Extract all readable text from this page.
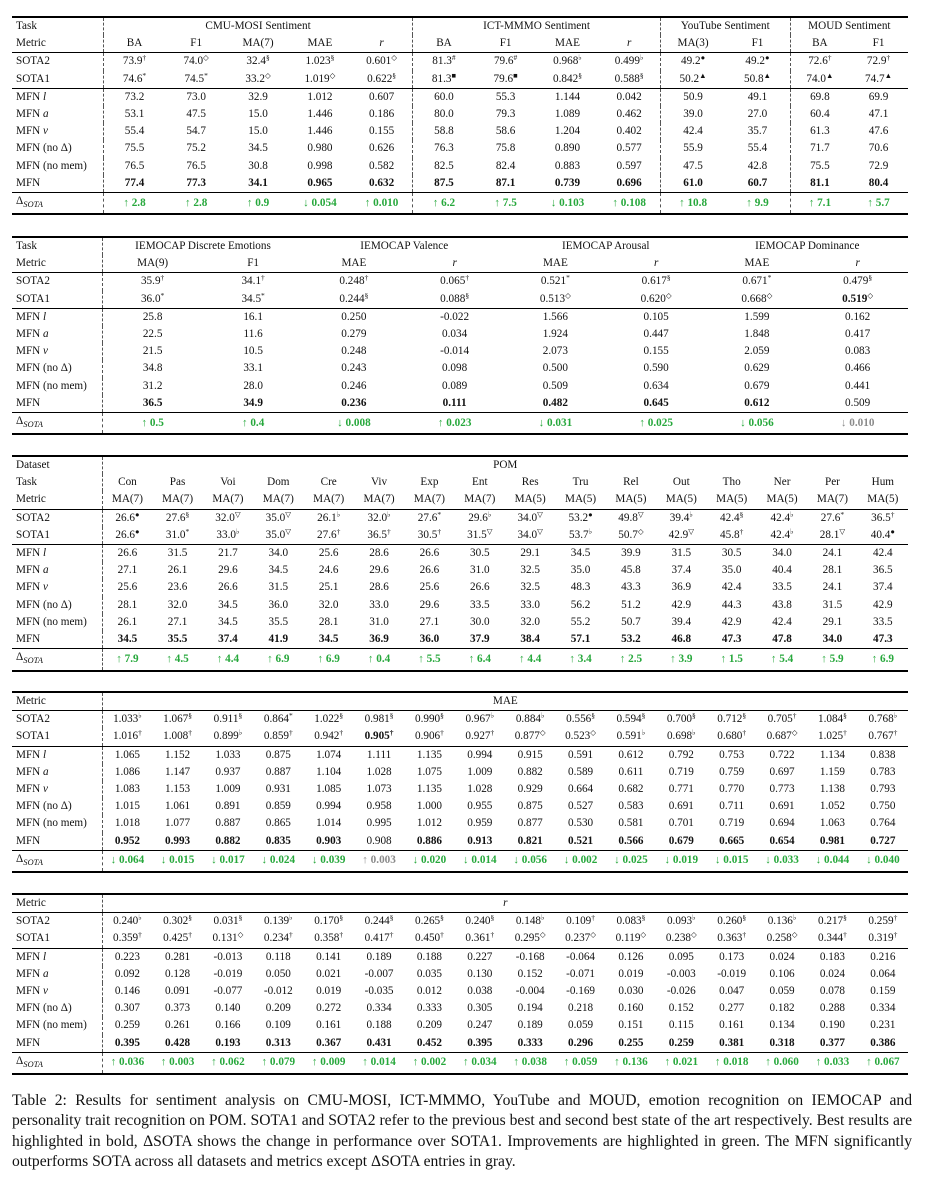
Task	CMU-MOSI Sentiment					ICT-MMMO Sentiment				YouTube Sentiment		MOUD Sentiment	
Metric	BA	F1	MA(7)	MAE	r	BA	F1	MAE	r	MA(3)	F1	BA	F1
SOTA2	73.9†	74.0◇	32.4§	1.023§	0.601◇	81.3#	79.6#	0.968♭	0.499♭	49.2●	49.2●	72.6†	72.9†
SOTA1	74.6*	74.5*	33.2◇	1.019◇	0.622§	81.3■	79.6■	0.842§	0.588§	50.2▲	50.8▲	74.0▲	74.7▲
MFN l	73.2	73.0	32.9	1.012	0.607	60.0	55.3	1.144	0.042	50.9	49.1	69.8	69.9
MFN a	53.1	47.5	15.0	1.446	0.186	80.0	79.3	1.089	0.462	39.0	27.0	60.4	47.1
MFN v	55.4	54.7	15.0	1.446	0.155	58.8	58.6	1.204	0.402	42.4	35.7	61.3	47.6
MFN (no Δ)	75.5	75.2	34.5	0.980	0.626	76.3	75.8	0.890	0.577	55.9	55.4	71.7	70.6
MFN (no mem)	76.5	76.5	30.8	0.998	0.582	82.5	82.4	0.883	0.597	47.5	42.8	75.5	72.9
MFN	77.4	77.3	34.1	0.965	0.632	87.5	87.1	0.739	0.696	61.0	60.7	81.1	80.4
$\Delta_{SOTA}$	↑ 2.8	↑ 2.8	↑ 0.9	↓ 0.054	↑ 0.010	↑ 6.2	↑ 7.5	↓ 0.103	↑ 0.108	↑ 10.8	↑ 9.9	↑ 7.1	↑ 5.7
Task	IEMOCAP Discrete Emotions		IEMOCAP Valence		IEMOCAP Arousal		IEMOCAP Dominance	
Metric	MA(9)	F1	MAE	r	MAE	r	MAE	r
SOTA2	35.9†	34.1†	0.248†	0.065†	0.521*	0.617§	0.671*	0.479§
SOTA1	36.0*	34.5*	0.244§	0.088§	0.513◇	0.620◇	0.668◇	0.519◇
MFN l	25.8	16.1	0.250	-0.022	1.566	0.105	1.599	0.162
MFN a	22.5	11.6	0.279	0.034	1.924	0.447	1.848	0.417
MFN v	21.5	10.5	0.248	-0.014	2.073	0.155	2.059	0.083
MFN (no Δ)	34.8	33.1	0.243	0.098	0.500	0.590	0.629	0.466
MFN (no mem)	31.2	28.0	0.246	0.089	0.509	0.634	0.679	0.441
MFN	36.5	34.9	0.236	0.111	0.482	0.645	0.612	0.509
$\Delta_{SOTA}$	↑ 0.5	↑ 0.4	↓ 0.008	↑ 0.023	↓ 0.031	↑ 0.025	↓ 0.056	↓ 0.010
Dataset	POM															
Task	Con	Pas	Voi	Dom	Cre	Viv	Exp	Ent	Res	Tru	Rel	Out	Tho	Ner	Per	Hum
Metric	MA(7)	MA(7)	MA(7)	MA(7)	MA(7)	MA(7)	MA(7)	MA(7)	MA(5)	MA(5)	MA(5)	MA(5)	MA(5)	MA(5)	MA(7)	MA(5)
SOTA2	26.6●	27.6§	32.0▽	35.0▽	26.1♭	32.0♭	27.6*	29.6♭	34.0▽	53.2●	49.8▽	39.4♭	42.4§	42.4♭	27.6*	36.5†
SOTA1	26.6●	31.0*	33.0♭	35.0▽	27.6†	36.5†	30.5†	31.5▽	34.0▽	53.7♭	50.7◇	42.9▽	45.8†	42.4♭	28.1▽	40.4●
MFN l	26.6	31.5	21.7	34.0	25.6	28.6	26.6	30.5	29.1	34.5	39.9	31.5	30.5	34.0	24.1	42.4
MFN a	27.1	26.1	29.6	34.5	24.6	29.6	26.6	31.0	32.5	35.0	45.8	37.4	35.0	40.4	28.1	36.5
MFN v	25.6	23.6	26.6	31.5	25.1	28.6	25.6	26.6	32.5	48.3	43.3	36.9	42.4	33.5	24.1	37.4
MFN (no Δ)	28.1	32.0	34.5	36.0	32.0	33.0	29.6	33.5	33.0	56.2	51.2	42.9	44.3	43.8	31.5	42.9
MFN (no mem)	26.1	27.1	34.5	35.5	28.1	31.0	27.1	30.0	32.0	55.2	50.7	39.4	42.9	42.4	29.1	33.5
MFN	34.5	35.5	37.4	41.9	34.5	36.9	36.0	37.9	38.4	57.1	53.2	46.8	47.3	47.8	34.0	47.3
$\Delta_{SOTA}$	↑ 7.9	↑ 4.5	↑ 4.4	↑ 6.9	↑ 6.9	↑ 0.4	↑ 5.5	↑ 6.4	↑ 4.4	↑ 3.4	↑ 2.5	↑ 3.9	↑ 1.5	↑ 5.4	↑ 5.9	↑ 6.9
Metric	MAE															
SOTA2	1.033♭	1.067§	0.911§	0.864*	1.022§	0.981§	0.990§	0.967♭	0.884♭	0.556§	0.594§	0.700§	0.712§	0.705†	1.084§	0.768♭
SOTA1	1.016†	1.008†	0.899♭	0.859†	0.942†	0.905†	0.906†	0.927†	0.877◇	0.523◇	0.591♭	0.698♭	0.680†	0.687◇	1.025†	0.767†
MFN l	1.065	1.152	1.033	0.875	1.074	1.111	1.135	0.994	0.915	0.591	0.612	0.792	0.753	0.722	1.134	0.838
MFN a	1.086	1.147	0.937	0.887	1.104	1.028	1.075	1.009	0.882	0.589	0.611	0.719	0.759	0.697	1.159	0.783
MFN v	1.083	1.153	1.009	0.931	1.085	1.073	1.135	1.028	0.929	0.664	0.682	0.771	0.770	0.773	1.138	0.793
MFN (no Δ)	1.015	1.061	0.891	0.859	0.994	0.958	1.000	0.955	0.875	0.527	0.583	0.691	0.711	0.691	1.052	0.750
MFN (no mem)	1.018	1.077	0.887	0.865	1.014	0.995	1.012	0.959	0.877	0.530	0.581	0.701	0.719	0.694	1.063	0.764
MFN	0.952	0.993	0.882	0.835	0.903	0.908	0.886	0.913	0.821	0.521	0.566	0.679	0.665	0.654	0.981	0.727
$\Delta_{SOTA}$	↓ 0.064	↓ 0.015	↓ 0.017	↓ 0.024	↓ 0.039	↑ 0.003	↓ 0.020	↓ 0.014	↓ 0.056	↓ 0.002	↓ 0.025	↓ 0.019	↓ 0.015	↓ 0.033	↓ 0.044	↓ 0.040
Metric	r															
SOTA2	0.240♭	0.302§	0.031§	0.139♭	0.170§	0.244§	0.265§	0.240§	0.148♭	0.109†	0.083§	0.093♭	0.260§	0.136♭	0.217§	0.259†
SOTA1	0.359†	0.425†	0.131◇	0.234†	0.358†	0.417†	0.450†	0.361†	0.295◇	0.237◇	0.119◇	0.238◇	0.363†	0.258◇	0.344†	0.319†
MFN l	0.223	0.281	-0.013	0.118	0.141	0.189	0.188	0.227	-0.168	-0.064	0.126	0.095	0.173	0.024	0.183	0.216
MFN a	0.092	0.128	-0.019	0.050	0.021	-0.007	0.035	0.130	0.152	-0.071	0.019	-0.003	-0.019	0.106	0.024	0.064
MFN v	0.146	0.091	-0.077	-0.012	0.019	-0.035	0.012	0.038	-0.004	-0.169	0.030	-0.026	0.047	0.059	0.078	0.159
MFN (no Δ)	0.307	0.373	0.140	0.209	0.272	0.334	0.333	0.305	0.194	0.218	0.160	0.152	0.277	0.182	0.288	0.334
MFN (no mem)	0.259	0.261	0.166	0.109	0.161	0.188	0.209	0.247	0.189	0.059	0.151	0.115	0.161	0.134	0.190	0.231
MFN	0.395	0.428	0.193	0.313	0.367	0.431	0.452	0.395	0.333	0.296	0.255	0.259	0.381	0.318	0.377	0.386
$\Delta_{SOTA}$	↑ 0.036	↑ 0.003	↑ 0.062	↑ 0.079	↑ 0.009	↑ 0.014	↑ 0.002	↑ 0.034	↑ 0.038	↑ 0.059	↑ 0.136	↑ 0.021	↑ 0.018	↑ 0.060	↑ 0.033	↑ 0.067
Table 2: Results for sentiment analysis on CMU-MOSI, ICT-MMMO, YouTube and MOUD, emotion recognition on IEMOCAP and personality trait recognition on POM. SOTA1 and SOTA2 refer to the previous best and second best state of the art respectively. Best results are highlighted in bold, ΔSOTA shows the change in performance over SOTA1. Improvements are highlighted in green. The MFN significantly outperforms SOTA across all datasets and metrics except ΔSOTA entries in gray.
